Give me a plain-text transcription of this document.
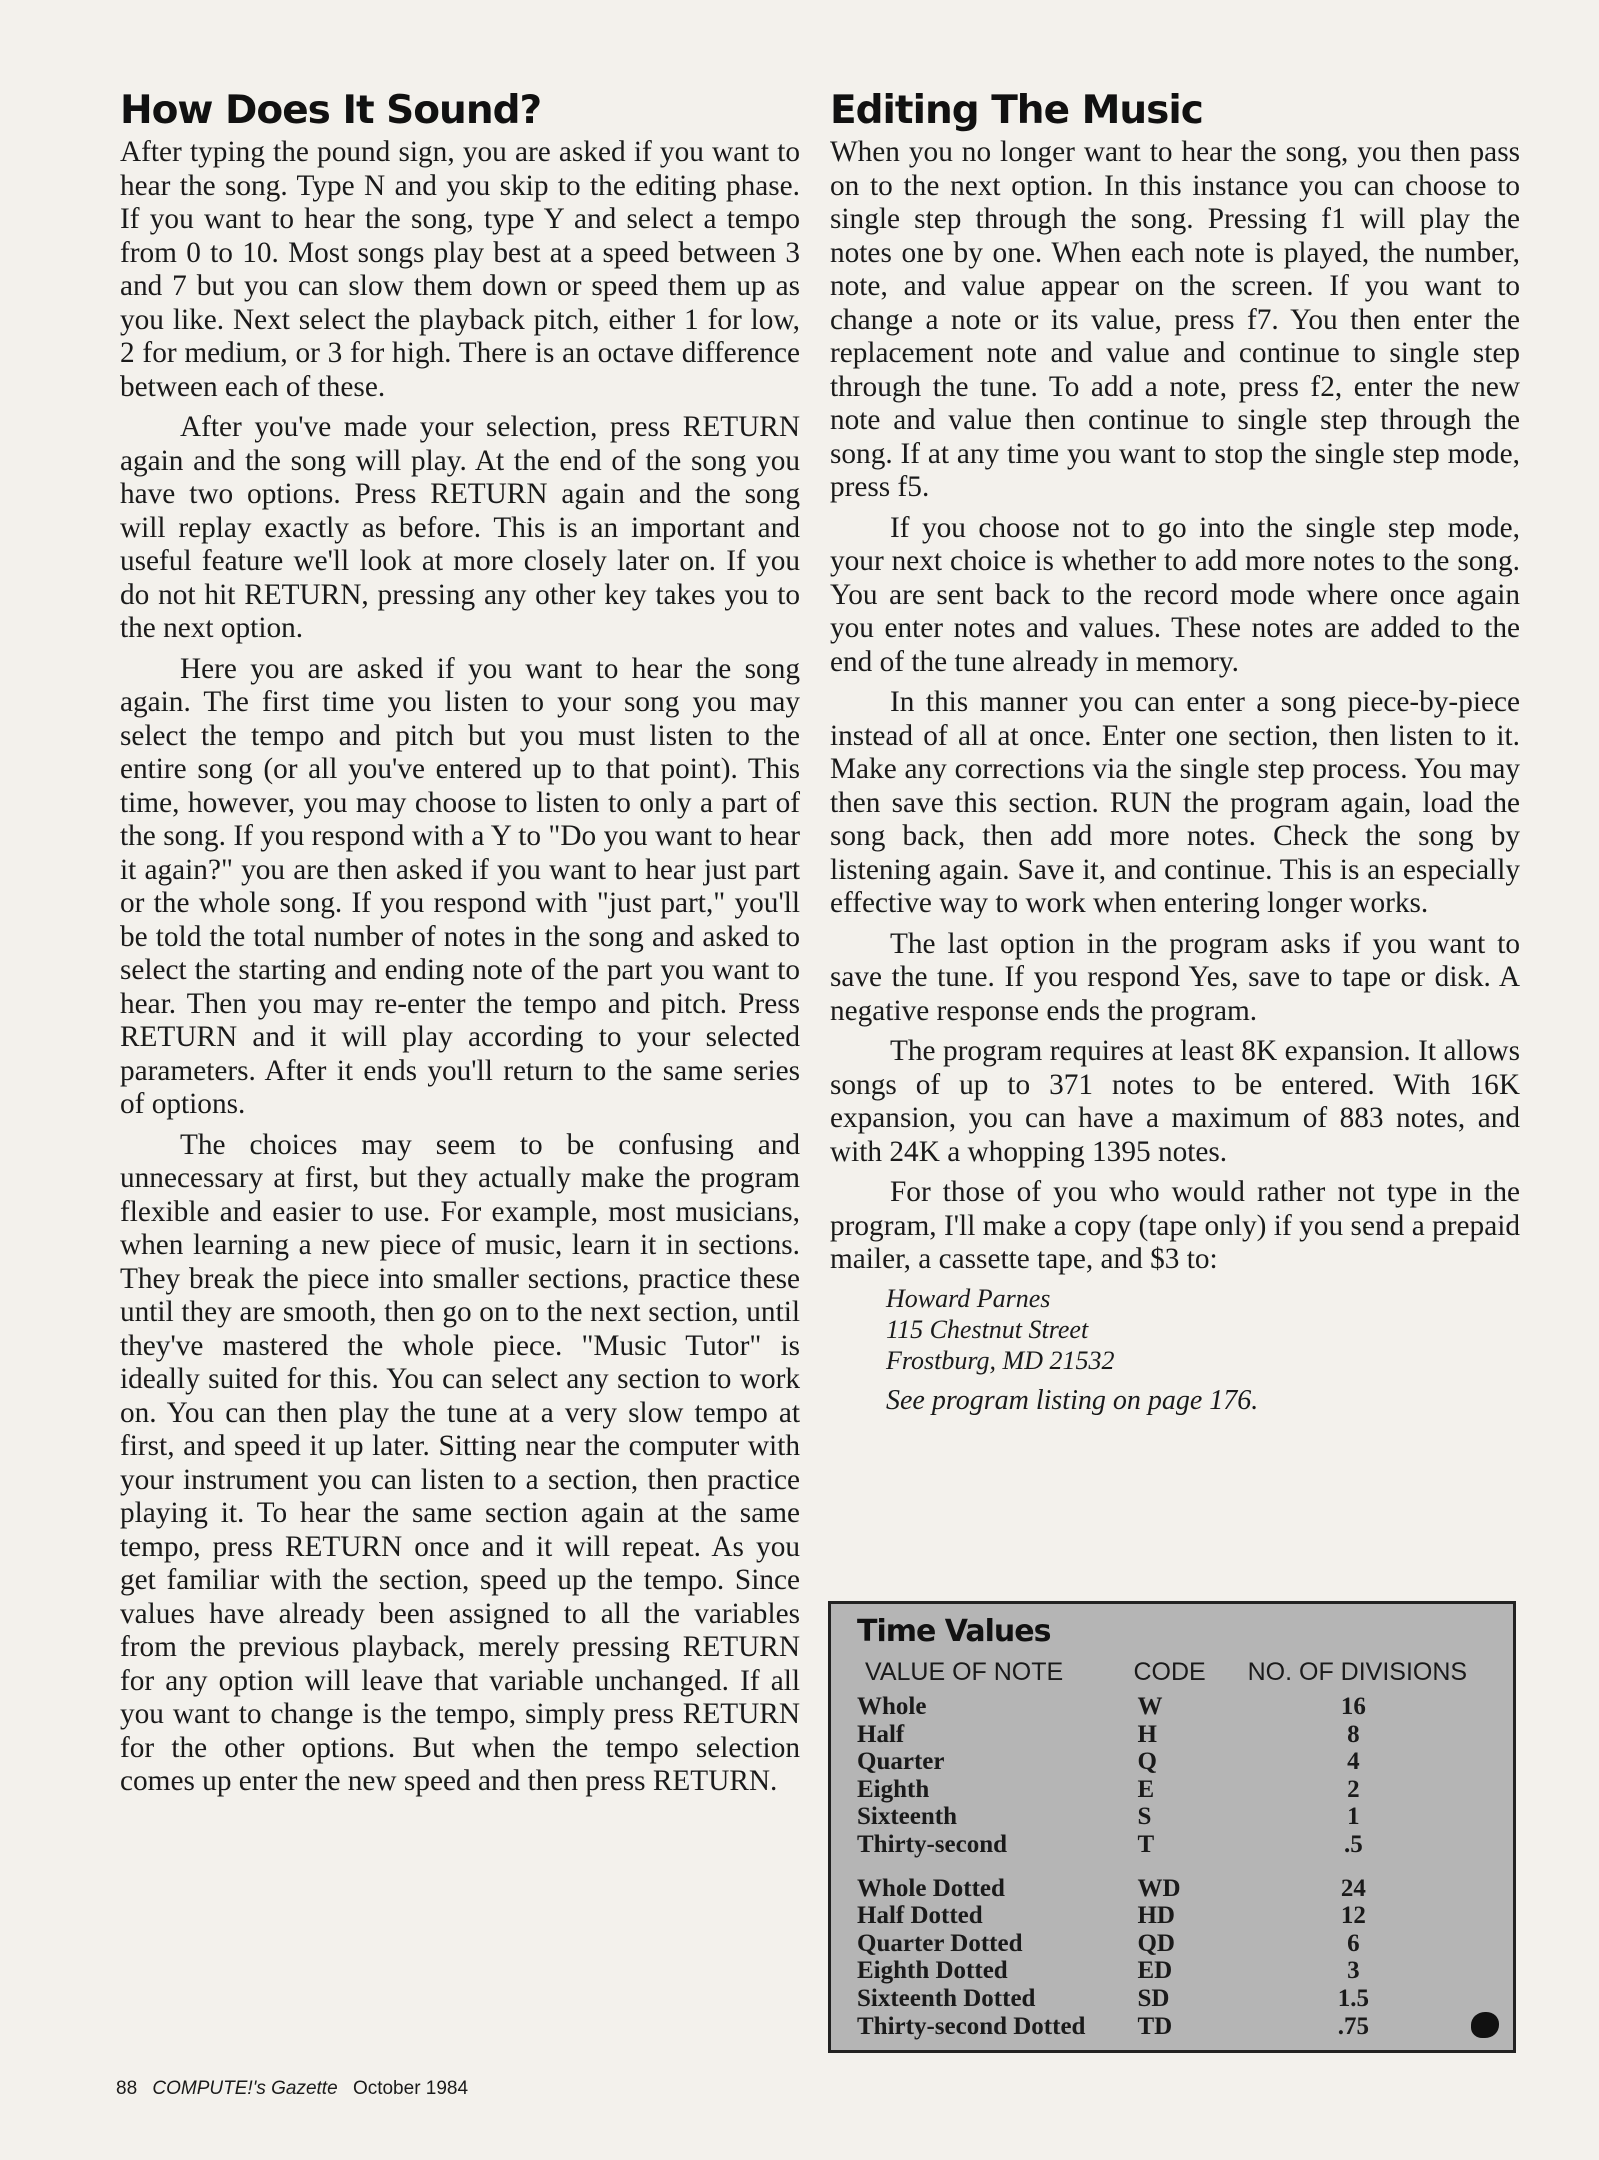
How Does It Sound?

After typing the pound sign, you are asked if you want to hear the song. Type N and you skip to the editing phase. If you want to hear the song, type Y and select a tempo from 0 to 10. Most songs play best at a speed between 3 and 7 but you can slow them down or speed them up as you like. Next select the playback pitch, either 1 for low, 2 for medium, or 3 for high. There is an octave difference between each of these.

After you've made your selection, press RETURN again and the song will play. At the end of the song you have two options. Press RETURN again and the song will replay exactly as before. This is an important and useful feature we'll look at more closely later on. If you do not hit RETURN, pressing any other key takes you to the next option.

Here you are asked if you want to hear the song again. The first time you listen to your song you may select the tempo and pitch but you must listen to the entire song (or all you've entered up to that point). This time, however, you may choose to listen to only a part of the song. If you respond with a Y to "Do you want to hear it again?" you are then asked if you want to hear just part or the whole song. If you respond with "just part," you'll be told the total number of notes in the song and asked to select the starting and ending note of the part you want to hear. Then you may re-enter the tempo and pitch. Press RETURN and it will play according to your selected parameters. After it ends you'll return to the same series of options.

The choices may seem to be confusing and unnecessary at first, but they actually make the program flexible and easier to use. For example, most musicians, when learning a new piece of music, learn it in sections. They break the piece into smaller sections, practice these until they are smooth, then go on to the next section, until they've mastered the whole piece. "Music Tutor" is ideally suited for this. You can select any section to work on. You can then play the tune at a very slow tempo at first, and speed it up later. Sitting near the computer with your instrument you can listen to a section, then practice playing it. To hear the same section again at the same tempo, press RETURN once and it will repeat. As you get familiar with the section, speed up the tempo. Since values have already been assigned to all the variables from the previous playback, merely pressing RETURN for any option will leave that variable unchanged. If all you want to change is the tempo, simply press RETURN for the other options. But when the tempo selection comes up enter the new speed and then press RETURN.

Editing The Music

When you no longer want to hear the song, you then pass on to the next option. In this instance you can choose to single step through the song. Pressing f1 will play the notes one by one. When each note is played, the number, note, and value appear on the screen. If you want to change a note or its value, press f7. You then enter the replacement note and value and continue to single step through the tune. To add a note, press f2, enter the new note and value then continue to single step through the song. If at any time you want to stop the single step mode, press f5.

If you choose not to go into the single step mode, your next choice is whether to add more notes to the song. You are sent back to the record mode where once again you enter notes and values. These notes are added to the end of the tune already in memory.

In this manner you can enter a song piece-by-piece instead of all at once. Enter one section, then listen to it. Make any corrections via the single step process. You may then save this section. RUN the program again, load the song back, then add more notes. Check the song by listening again. Save it, and continue. This is an especially effective way to work when entering longer works.

The last option in the program asks if you want to save the tune. If you respond Yes, save to tape or disk. A negative response ends the program.

The program requires at least 8K expansion. It allows songs of up to 371 notes to be entered. With 16K expansion, you can have a maximum of 883 notes, and with 24K a whopping 1395 notes.

For those of you who would rather not type in the program, I'll make a copy (tape only) if you send a prepaid mailer, a cassette tape, and $3 to:

Howard Parnes
115 Chestnut Street
Frostburg, MD 21532
See program listing on page 176.
Time Values
VALUE OF NOTE	CODE	NO. OF DIVISIONS
Whole	W	16
Half	H	8
Quarter	Q	4
Eighth	E	2
Sixteenth	S	1
Thirty-second	T	.5
Whole Dotted	WD	24
Half Dotted	HD	12
Quarter Dotted	QD	6
Eighth Dotted	ED	3
Sixteenth Dotted	SD	1.5
Thirty-second Dotted	TD	.75
88 COMPUTE!'s Gazette October 1984
